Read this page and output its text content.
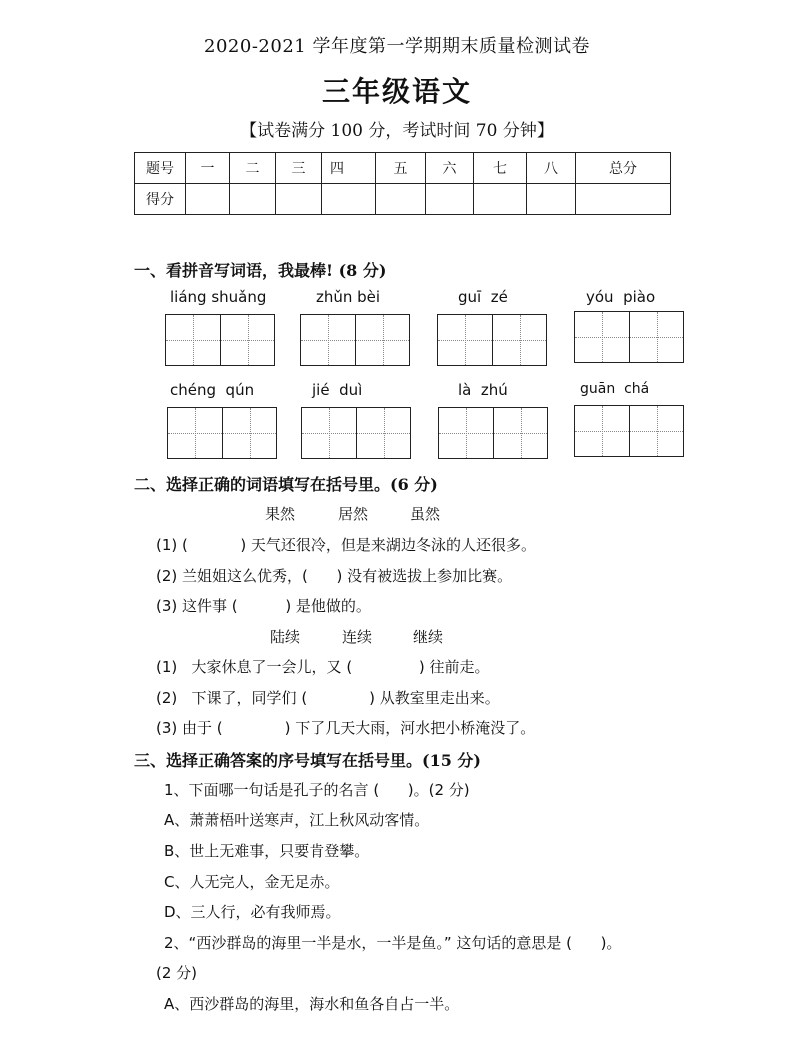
2020-2021 学年度第一学期期末质量检测试卷
三年级语文
【试卷满分 100 分，考试时间 70 分钟】
题号	一	二	三	四	五	六	七	八	总分
得分									
一、看拼音写词语，我最棒! (8 分)
liáng shuǎng	zhǔn bèi	guī  zé	yóu  piào
chéng  qún	jié  duì	là  zhú	guān  chá
二、选择正确的词语填写在括号里。(6 分)
果然	居然	虽然
(1) (           ) 天气还很冷，但是来湖边冬泳的人还很多。
(2) 兰姐姐这么优秀，(      ) 没有被选拔上参加比赛。
(3) 这件事 (          ) 是他做的。
陆续	连续	继续
(1)   大家休息了一会儿，又 (              ) 往前走。
(2)   下课了，同学们 (             ) 从教室里走出来。
(3) 由于 (             ) 下了几天大雨，河水把小桥淹没了。
三、选择正确答案的序号填写在括号里。(15 分)
1、下面哪一句话是孔子的名言 (      )。(2 分)
A、萧萧梧叶送寒声，江上秋风动客情。
B、世上无难事，只要肯登攀。
C、人无完人，金无足赤。
D、三人行，必有我师焉。
2、“西沙群岛的海里一半是水，一半是鱼。” 这句话的意思是 (      )。
(2 分)
A、西沙群岛的海里，海水和鱼各自占一半。
